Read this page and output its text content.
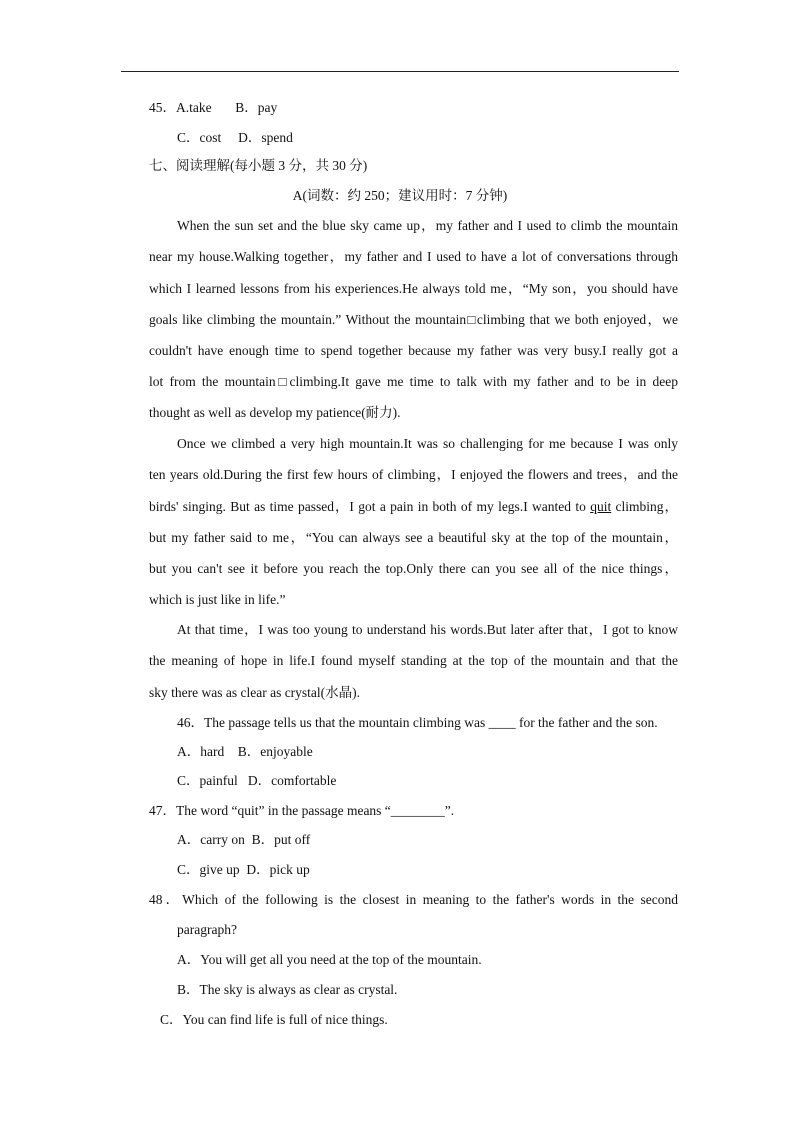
45．A.take       B．pay
C．cost     D．spend
七、阅读理解(每小题 3 分，共 30 分)
A(词数：约 250；建议用时：7 分钟)
When the sun set and the blue sky came up，my father and I used to climb the mountain
near my house.Walking together，my father and I used to have a lot of conversations through
which I learned lessons from his experiences.He always told me，“My son，you should have
goals like climbing the mountain.” Without the mountain□climbing that we both enjoyed，we
couldn't have enough time to spend together because my father was very busy.I really got a
lot from the mountain□climbing.It gave me time to talk with my father and to be in deep
thought as well as develop my patience(耐力).
Once we climbed a very high mountain.It was so challenging for me because I was only
ten years old.During the first few hours of climbing，I enjoyed the flowers and trees，and the
birds' singing. But as time passed，I got a pain in both of my legs.I wanted to quit climbing，
but my father said to me，“You can always see a beautiful sky at the top of the mountain，
but you can't see it before you reach the top.Only there can you see all of the nice things，
which is just like in life.”
At that time，I was too young to understand his words.But later after that，I got to know
the meaning of hope in life.I found myself standing at the top of the mountain and that the
sky there was as clear as crystal(水晶).
46．The passage tells us that the mountain climbing was ____ for the father and the son.
A．hard    B．enjoyable
C．painful   D．comfortable
47．The word “quit” in the passage means “________”.
A．carry on  B．put off
C．give up  D．pick up
48．Which of the following is the closest in meaning to the father's words in the second
paragraph?
A．You will get all you need at the top of the mountain.
B．The sky is always as clear as crystal.
C．You can find life is full of nice things.
